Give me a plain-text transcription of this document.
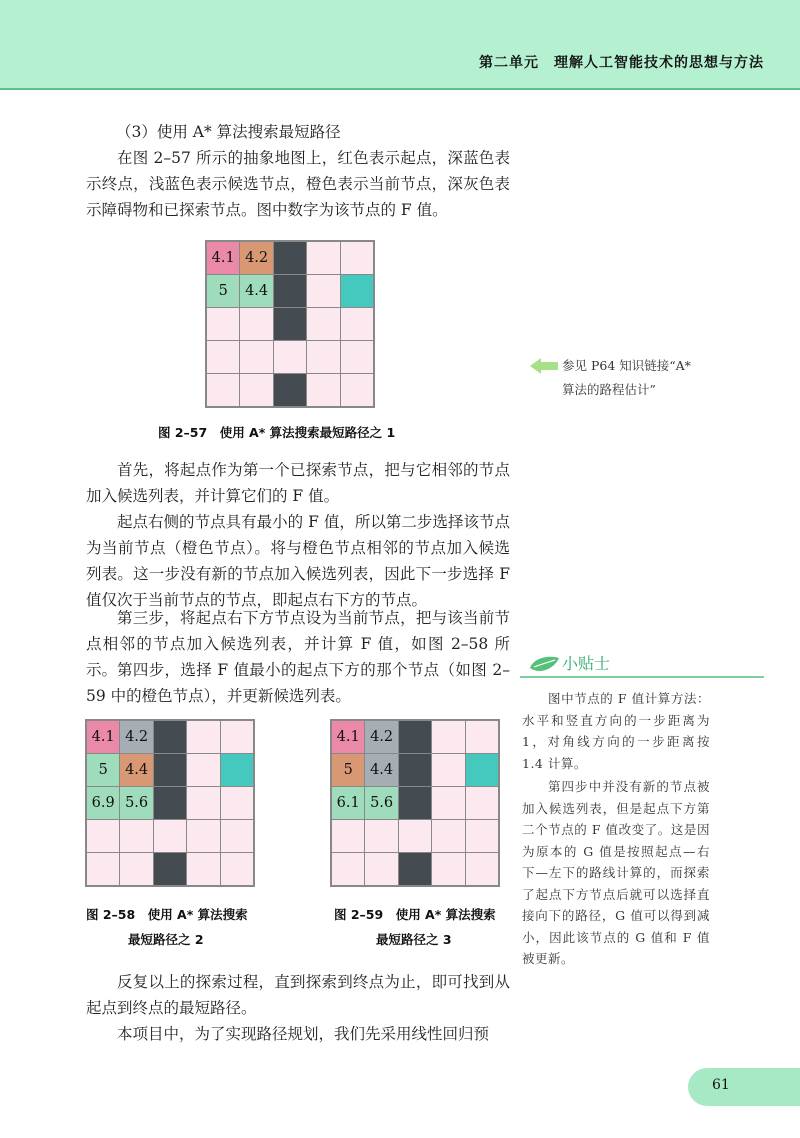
第二单元　理解人工智能技术的思想与方法

（3）使用 A* 算法搜索最短路径

在图 2–57 所示的抽象地图上，红色表示起点，深蓝色表示终点，浅蓝色表示候选节点，橙色表示当前节点，深灰色表示障碍物和已探索节点。图中数字为该节点的 F 值。

4.1 4.2
5	4.4
图 2–57　使用 A* 算法搜索最短路径之 1

首先，将起点作为第一个已探索节点，把与它相邻的节点加入候选列表，并计算它们的 F 值。

起点右侧的节点具有最小的 F 值，所以第二步选择该节点为当前节点（橙色节点）。将与橙色节点相邻的节点加入候选列表。这一步没有新的节点加入候选列表，因此下一步选择 F 值仅次于当前节点的节点，即起点右下方的节点。

第三步，将起点右下方节点设为当前节点，把与该当前节点相邻的节点加入候选列表，并计算 F 值，如图 2–58 所示。 第四步，选择 F 值最小的起点下方的那个节点（如图 2–59 中的橙色节点），并更新候选列表。

4.1 4.2
5	4.4
6.9 5.6
图 2–58　使用 A* 算法搜索
最短路径之 2
4.1 4.2
5	4.4
6.1 5.6
图 2–59　使用 A* 算法搜索
最短路径之 3

反复以上的探索过程，直到探索到终点为止，即可找到从起点到终点的最短路径。

本项目中，为了实现路径规划，我们先采用线性回归预

参见 P64 知识链接“A*
算法的路程估计”

小贴士

图中节点的 F 值计算方法：水平和竖直方向的一步距离为 1，对角线方向的一步距离按 1.4 计算。

第四步中并没有新的节点被加入候选列表，但是起点下方第二个节点的 F 值改变了。这是因为原本的 G 值是按照起点—右下—左下的路线计算的，而探索了起点下方节点后就可以选择直接向下的路径，G 值可以得到减小，因此该节点的 G 值和 F 值被更新。

61
